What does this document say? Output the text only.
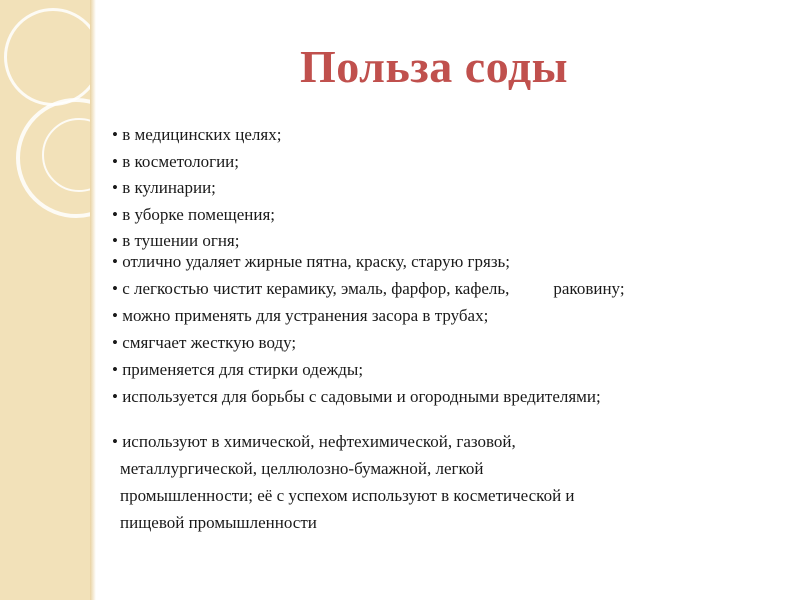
Польза соды
• в медицинских целях;
• в косметологии;
• в кулинарии;
• в уборке помещения;
• в тушении огня;
• отлично удаляет жирные пятна, краску, старую грязь;
• с легкостью чистит керамику, эмаль, фарфор, кафель,	раковину;
• можно применять для устранения засора в трубах;
• смягчает жесткую воду;
• применяется для стирки одежды;
• используется для борьбы с садовыми и огородными вредителями;
• используют в химической, нефтехимической, газовой,
металлургической, целлюлозно-бумажной, легкой
промышленности; её с успехом используют в косметической и
пищевой промышленности
